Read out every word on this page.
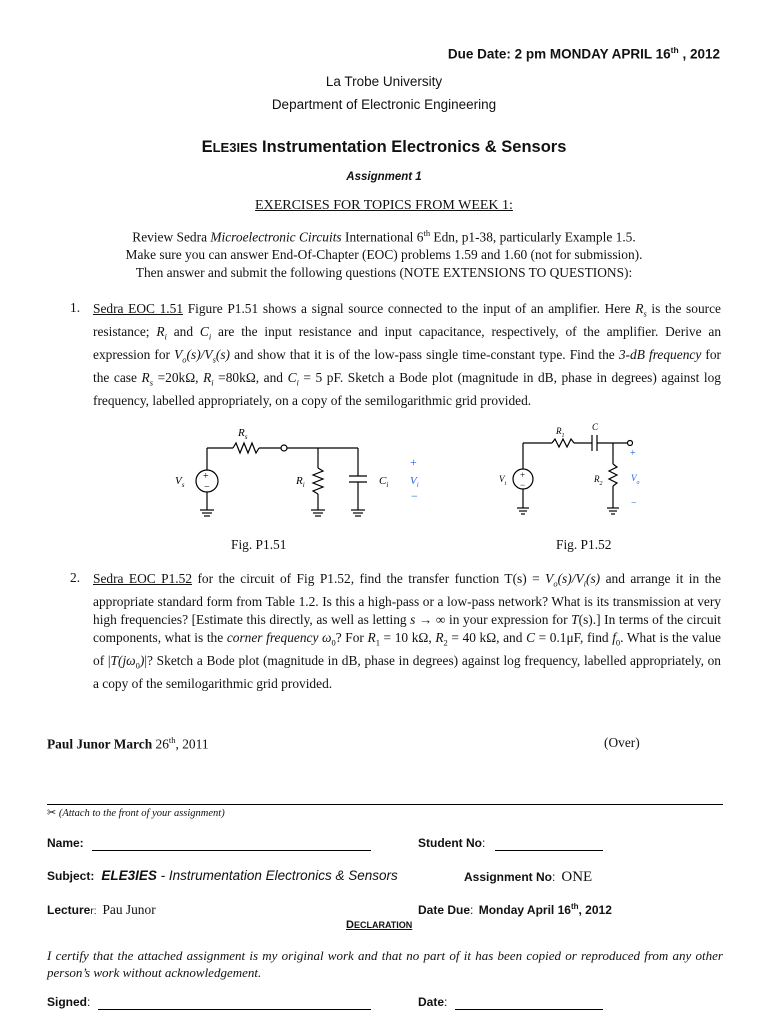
Due Date: 2 pm MONDAY APRIL 16th , 2012
La Trobe University
Department of Electronic Engineering
ELE3IES Instrumentation Electronics & Sensors
Assignment 1
EXERCISES FOR TOPICS FROM WEEK 1:
Review Sedra Microelectronic Circuits International 6th Edn, p1-38, particularly Example 1.5.
Make sure you can answer End-Of-Chapter (EOC) problems 1.59 and 1.60 (not for submission).
Then answer and submit the following questions (NOTE EXTENSIONS TO QUESTIONS):
1. Sedra EOC 1.51 Figure P1.51 shows a signal source connected to the input of an amplifier. Here $R_s$ is the source resistance; $R_i$ and $C_i$ are the input resistance and input capacitance, respectively, of the amplifier. Derive an expression for $V_o(s)/V_s(s)$ and show that it is of the low-pass single time-constant type. Find the 3-dB frequency for the case $R_s =20k\Omega$, $R_i =80k\Omega$, and $C_i = 5$ pF. Sketch a Bode plot (magnitude in dB, phase in degrees) against log frequency, labelled appropriately, on a copy of the semilogarithmic grid provided.
+
−
$V_s$
$R_s$
$R_i$	$C_i$
+
$V_i$
−
+
−
$V_i$
$R_1$
C
$R_2$
+
$V_o$
−
Fig. P1.51	Fig. P1.52
2. Sedra EOC P1.52 for the circuit of Fig P1.52, find the transfer function $T(s) = V_o(s)/V_i(s)$ and arrange it in the appropriate standard form from Table 1.2. Is this a high-pass or a low-pass network? What is its transmission at very high frequencies? [Estimate this directly, as well as letting s → ∞ in your expression for T(s).] In terms of the circuit components, what is the corner frequency $\omega_0$? For $R_1 = 10$ kΩ, $R_2 = 40$ kΩ, and C = 0.1μF, find $f_0$. What is the value of $|T(j\omega_0)|$? Sketch a Bode plot (magnitude in dB, phase in degrees) against log frequency, labelled appropriately, on a copy of the semilogarithmic grid provided.
Paul Junor March 26th, 2011	(Over)
✂ (Attach to the front of your assignment)
Name:	Student No:
Subject: ELE3IES - Instrumentation Electronics & Sensors	Assignment No: ONE
Lecturer: Pau Junor	Date Due: Monday April 16th, 2012
DECLARATION
I certify that the attached assignment is my original work and that no part of it has been copied or reproduced from any other person’s work without acknowledgement.
Signed:	Date:
